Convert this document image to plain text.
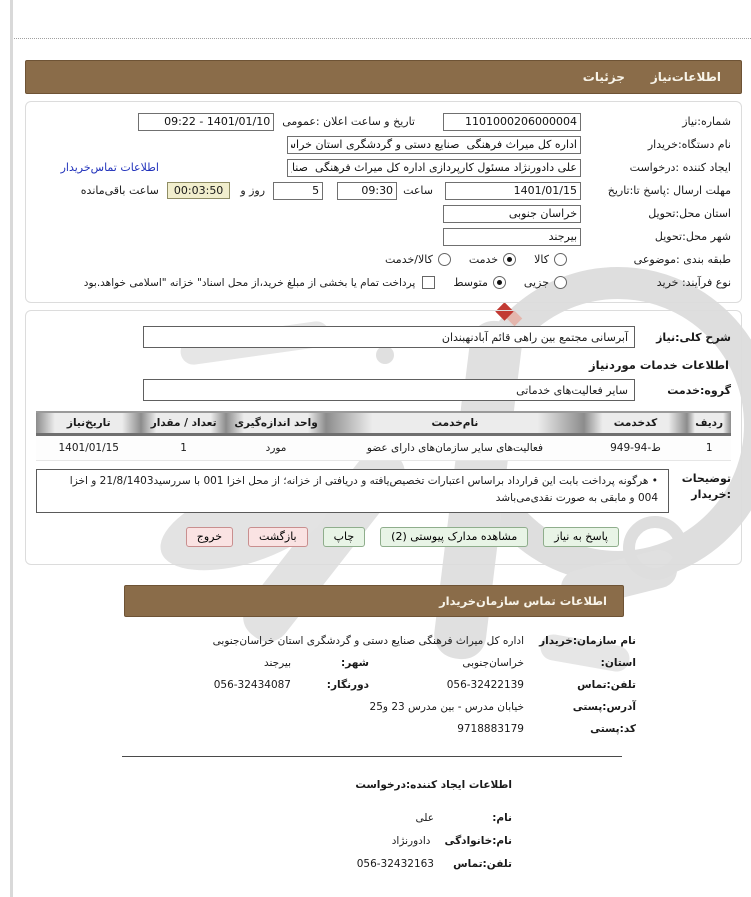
اطلاعات‌نیاز
جزئیات
شماره:نیاز
1101000206000004
تاریخ و ساعت اعلان :عمومی
1401/01/10 - 09:22
نام دستگاه:خریدار
اداره کل میراث فرهنگی صنایع دستی و گردشگری استان خراسان جنوبی
ایجاد کننده :درخواست
علی دادورنژاد مسئول کارپردازی اداره کل میراث فرهنگی صنایع دستی و گردش
اطلاعات تماس‌خریدار
مهلت ارسال :پاسخ تا:تاریخ
1401/01/15
ساعت
09:30
5
روز و
00:03:50
ساعت باقی‌مانده
استان محل:تحویل
خراسان جنوبی
شهر محل:تحویل
بیرجند
طبقه بندی :موضوعی
کالا
خدمت
کالا/خدمت
نوع فرآیند: خرید
جزیی
متوسط
پرداخت تمام یا بخشی از مبلغ خرید،از محل اسناد" خزانه "اسلامی خواهد.بود
شرح کلی:نیاز
آبرسانی مجتمع بین راهی قائم آبادنهبندان
اطلاعات خدمات موردنیاز
گروه:خدمت
سایر فعالیت‌های خدماتی
ردیف	کدخدمت	نام‌خدمت	واحد اندازه‌گیری	تعداد / مقدار	تاریخ‌نیاز
1	949-94-ط	فعالیت‌های سایر سازمان‌های دارای عضو	مورد	1	1401/01/15
توضیحات
:خریدار
• هرگونه پرداخت بابت این قرارداد براساس اعتبارات تخصیص‌یافته و دریافتی از خزانه؛ از محل اخزا 001 با سررسید21/8/1403 و اخزا 004 و مابقی به صورت نقدی‌می‌باشد
پاسخ به نیاز
مشاهده مدارک پیوستی (2)
چاپ
بازگشت
خروج
اطلاعات تماس سازمان‌خریدار
نام سازمان:خریدار
اداره کل میراث فرهنگی صنایع دستی و گردشگری استان خراسان‌جنوبی
استان:
خراسان‌جنوبی
شهر:
بیرجند
تلفن:تماس
056-32422139
دورنگار:
056-32434087
آدرس:پستی
خیابان مدرس - بین مدرس 23 و25
کد:پستی
9718883179
اطلاعات ایجاد کننده:درخواست
نام:
علی
نام:خانوادگی
دادورنژاد
تلفن:تماس
056-32432163
